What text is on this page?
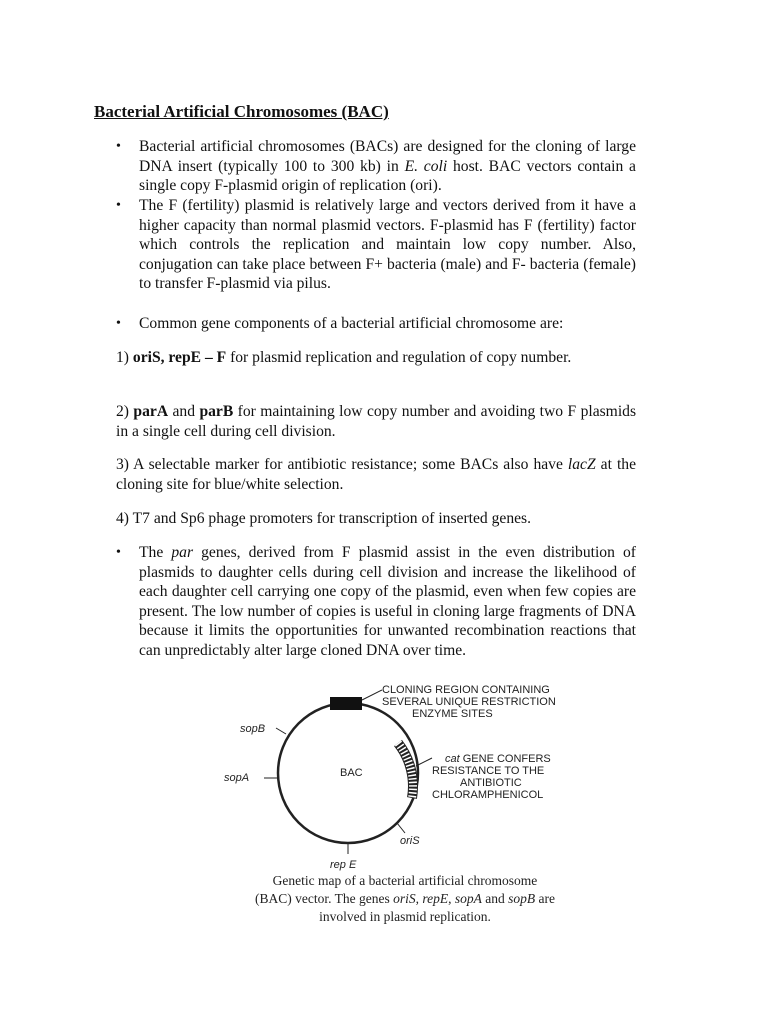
Bacterial Artificial Chromosomes (BAC)
• Bacterial artificial chromosomes (BACs) are designed for the cloning of large DNA insert (typically 100 to 300 kb) in E. coli host. BAC vectors contain a single copy F-plasmid origin of replication (ori).
• The F (fertility) plasmid is relatively large and vectors derived from it have a higher capacity than normal plasmid vectors. F-plasmid has F (fertility) factor which controls the replication and maintain low copy number. Also, conjugation can take place between F+ bacteria (male) and F- bacteria (female) to transfer F-plasmid via pilus.
• Common gene components of a bacterial artificial chromosome are:

1) oriS, repE – F for plasmid replication and regulation of copy number.

2) parA and parB for maintaining low copy number and avoiding two F plasmids in a single cell during cell division.

3) A selectable marker for antibiotic resistance; some BACs also have lacZ at the cloning site for blue/white selection.

4) T7 and Sp6 phage promoters for transcription of inserted genes.

• The par genes, derived from F plasmid assist in the even distribution of plasmids to daughter cells during cell division and increase the likelihood of each daughter cell carrying one copy of the plasmid, even when few copies are present. The low number of copies is useful in cloning large fragments of DNA because it limits the opportunities for unwanted recombination reactions that can unpredictably alter large cloned DNA over time.
CLONING REGION CONTAINING
SEVERAL UNIQUE RESTRICTION
ENZYME SITES
sopB
sopA	BAC
cat GENE CONFERS
RESISTANCE TO THE
ANTIBIOTIC
CHLORAMPHENICOL
oriS
rep E
Genetic map of a bacterial artificial chromosome
(BAC) vector. The genes oriS, repE, sopA and sopB are
involved in plasmid replication.
